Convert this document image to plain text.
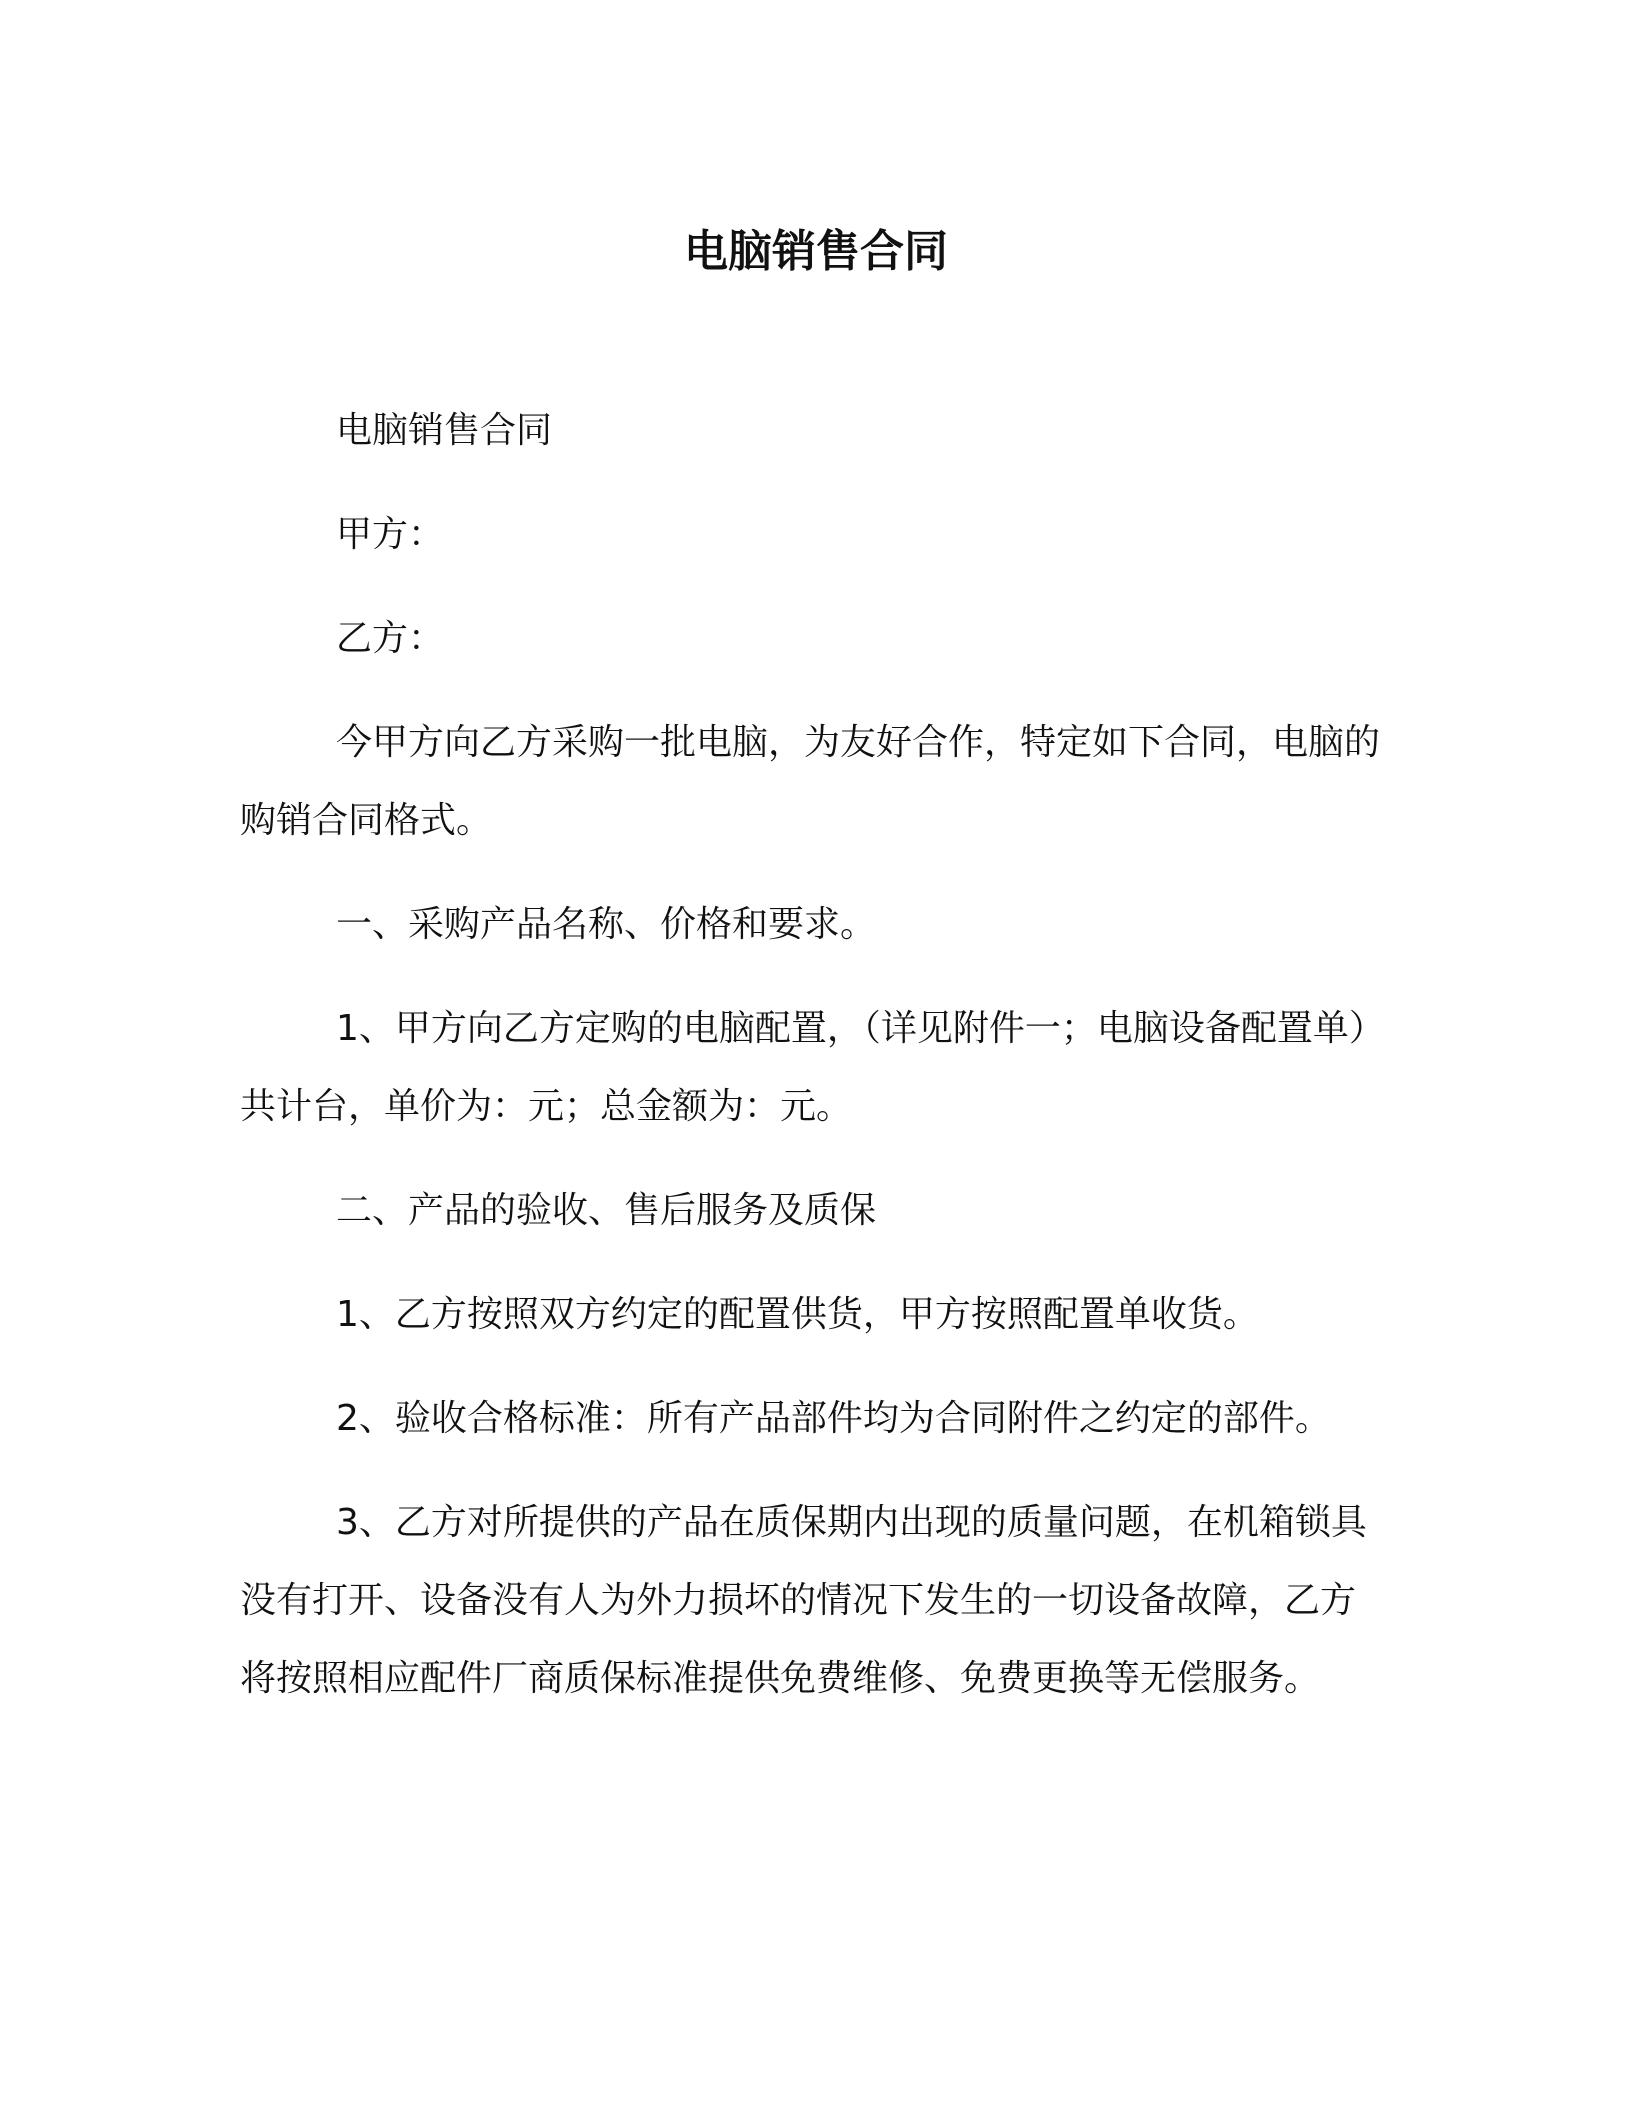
电脑销售合同

电脑销售合同

甲方：

乙方：

今甲方向乙方采购一批电脑，为友好合作，特定如下合同，电脑的购销合同格式。

一、采购产品名称、价格和要求。

1、甲方向乙方定购的电脑配置，（详见附件一；电脑设备配置单）共计台，单价为：元；总金额为：元。

二、产品的验收、售后服务及质保

1、乙方按照双方约定的配置供货，甲方按照配置单收货。

2、验收合格标准：所有产品部件均为合同附件之约定的部件。

3、乙方对所提供的产品在质保期内出现的质量问题，在机箱锁具没有打开、设备没有人为外力损坏的情况下发生的一切设备故障，乙方将按照相应配件厂商质保标准提供免费维修、免费更换等无偿服务。
